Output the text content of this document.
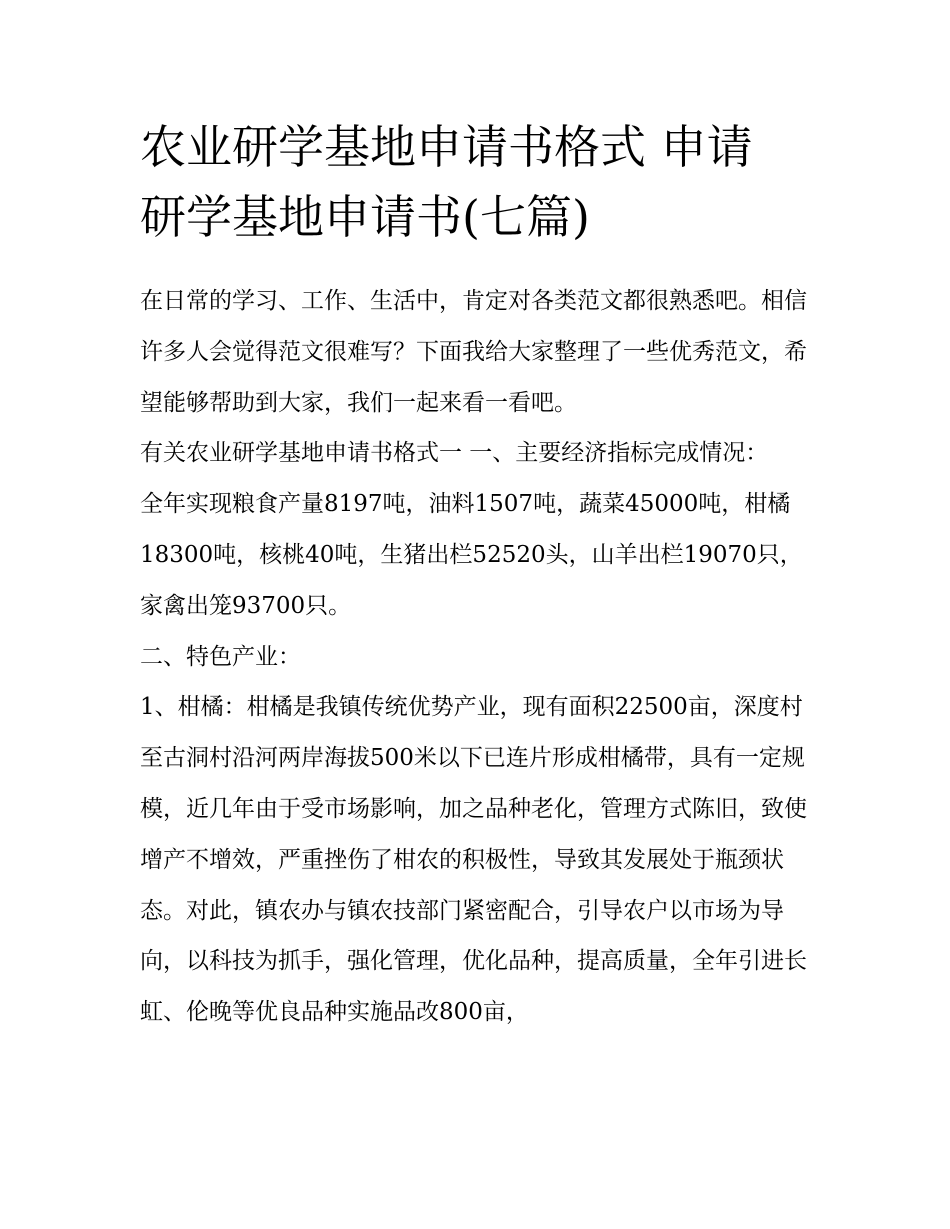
农业研学基地申请书格式 申请
研学基地申请书(七篇)

在日常的学习、工作、生活中，肯定对各类范文都很熟悉吧。相信许多人会觉得范文很难写？下面我给大家整理了一些优秀范文，希望能够帮助到大家，我们一起来看一看吧。

有关农业研学基地申请书格式一 一、主要经济指标完成情况：

全年实现粮食产量8197吨，油料1507吨，蔬菜45000吨，柑橘18300吨，核桃40吨，生猪出栏52520头，山羊出栏19070只，家禽出笼93700只。

二、特色产业：

1、柑橘：柑橘是我镇传统优势产业，现有面积22500亩，深度村至古洞村沿河两岸海拔500米以下已连片形成柑橘带，具有一定规模，近几年由于受市场影响，加之品种老化，管理方式陈旧，致使增产不增效，严重挫伤了柑农的积极性，导致其发展处于瓶颈状态。对此，镇农办与镇农技部门紧密配合，引导农户以市场为导向，以科技为抓手，强化管理，优化品种，提高质量，全年引进长虹、伦晚等优良品种实施品改800亩，
